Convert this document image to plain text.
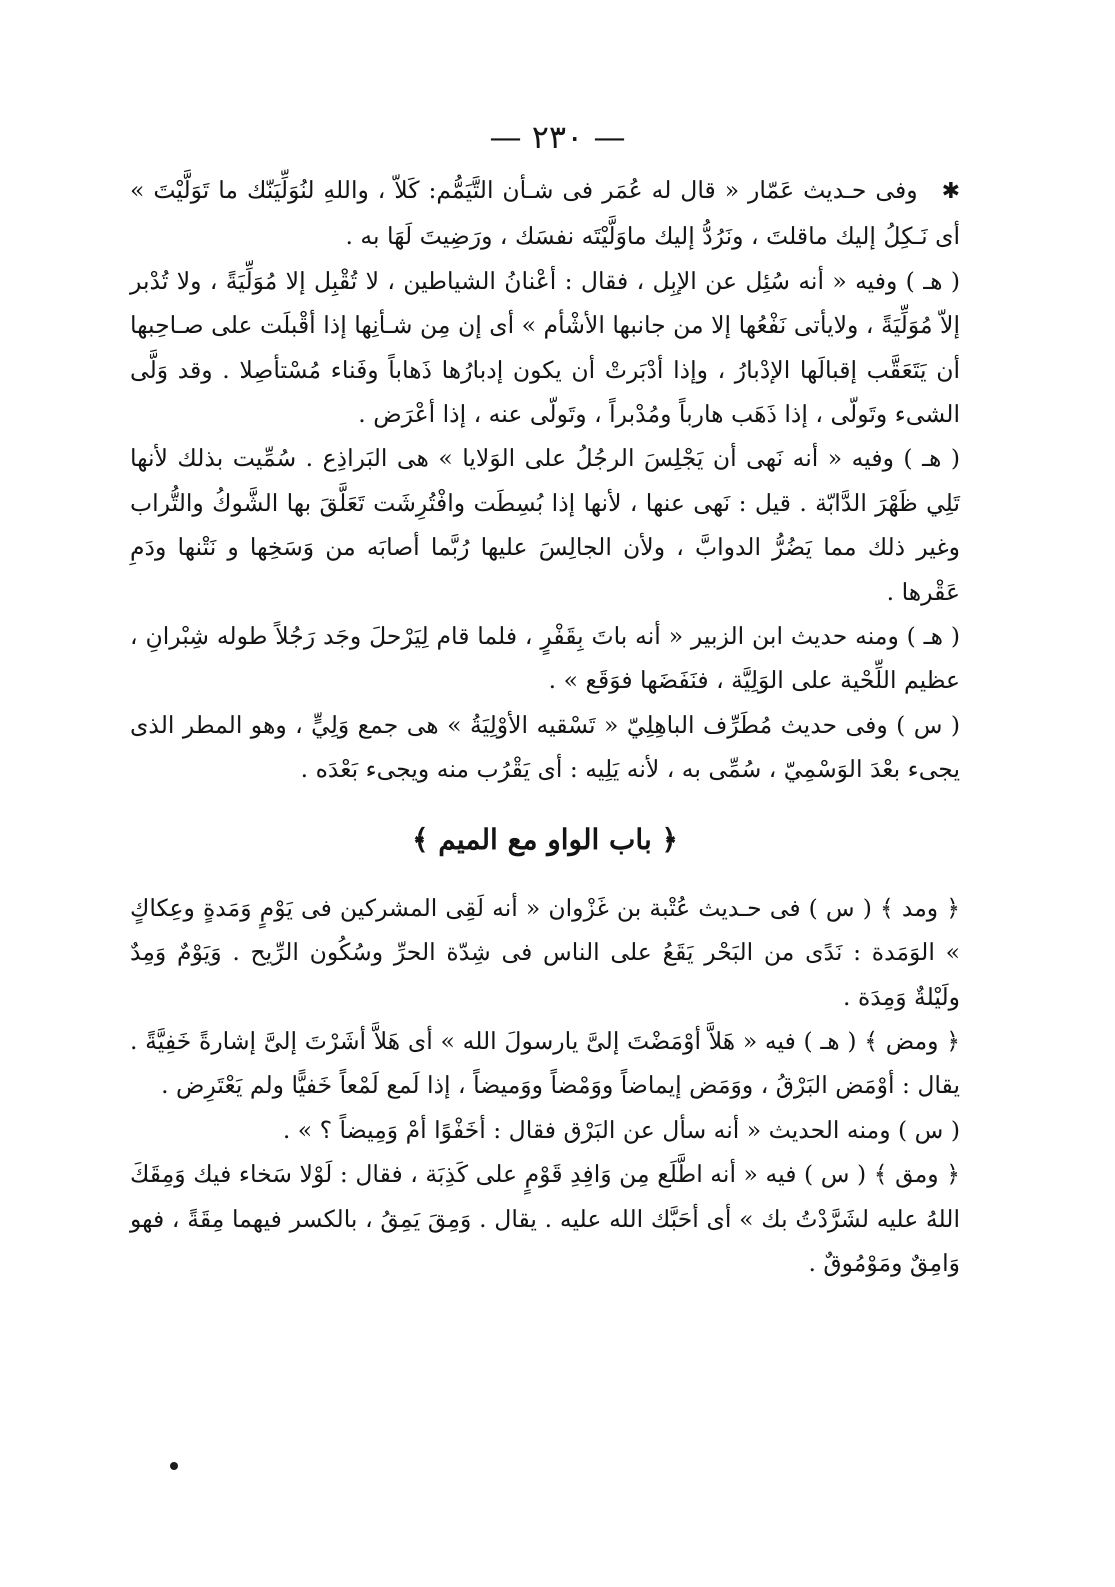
— ٢٣٠ —

✱وفى حـديث عَمّار « قال له عُمَر فى شـأن التَّيَمُّم: كَلاّ ، واللهِ لنُوَلِّيَنّك ما تَوَلَّيْتَ » أى نَـكِلُ إليك ماقلتَ ، ونَرُدُّ إليك ماوَلَّيْتَه نفسَك ، ورَضِيتَ لَهَا به .

( هـ ) وفيه « أنه سُئِل عن الإبِل ، فقال : أعْنانُ الشياطين ، لا تُقْبِل إلا مُوَلِّيَةً ، ولا تُدْبر إلاّ مُوَلِّيَةً ، ولايأتى نَفْعُها إلا من جانبها الأشْأم » أى إن مِن شـأنِها إذا أقْبلَت على صـاحِبها أن يَتَعَقَّب إقبالَها الإدْبارُ ، وإذا أدْبَرتْ أن يكون إدبارُها ذَهاباً وفَناء مُسْتأصِلا . وقد وَلَّى الشىء وتَولّى ، إذا ذَهَب هارباً ومُدْبراً ، وتَولّى عنه ، إذا أعْرَض .

( هـ ) وفيه « أنه نَهى أن يَجْلِسَ الرجُلُ على الوَلايا » هى البَراذِع . سُمِّيت بذلك لأنها تَلِي ظَهْرَ الدَّابّة . قيل : نَهى عنها ، لأنها إذا بُسِطَت وافْتُرِشَت تَعَلَّقَ بها الشَّوكُ والتُّراب وغير ذلك مما يَضُرُّ الدوابَّ ، ولأن الجالِسَ عليها رُبَّما أصابَه من وَسَخِها و نَتْنها ودَمِ عَقْرها .

( هـ ) ومنه حديث ابن الزبير « أنه باتَ بِقَفْرٍ ، فلما قام لِيَرْحلَ وجَد رَجُلاً طوله شِبْرانِ ، عظيم اللِّحْية على الوَلِيَّة ، فنَفَضَها فوَقَع » .

( س ) وفى حديث مُطَرِّف الباهِلِيّ « تَسْقيه الأوْلِيَةُ » هى جمع وَلِيٍّ ، وهو المطر الذى يجىء بعْدَ الوَسْمِيّ ، سُمِّى به ، لأنه يَلِيه : أى يَقْرُب منه ويجىء بَعْدَه .

﴿ باب الواو مع الميم ﴾

﴿ ومد ﴾ ( س ) فى حـديث عُتْبة بن غَزْوان « أنه لَقِى المشركين فى يَوْمٍ وَمَدةٍ وعِكاكٍ » الوَمَدة : نَدًى من البَحْر يَقَعُ على الناس فى شِدّة الحرِّ وسُكُون الرِّيح . وَيَوْمٌ وَمِدٌ ولَيْلةٌ وَمِدَة .

﴿ ومض ﴾ ( هـ ) فيه « هَلاَّ أوْمَضْتَ إلىَّ يارسولَ الله » أى هَلاَّ أشَرْتَ إلىَّ إشارةً خَفِيَّةً . يقال : أوْمَض البَرْقُ ، ووَمَض إيماضاً ووَمْضاً ووَميضاً ، إذا لَمع لَمْعاً خَفيًّا ولم يَعْتَرِض .

( س ) ومنه الحديث « أنه سأل عن البَرْق فقال : أخَفْوًا أمْ وَمِيضاً ؟ » .

﴿ ومق ﴾ ( س ) فيه « أنه اطَّلَع مِن وَافِدِ قَوْمٍ على كَذِبَة ، فقال : لَوْلا سَخاء فيك وَمِقَكَ اللهُ عليه لشَرَّدْتُ بك » أى أحَبَّك الله عليه . يقال . وَمِقَ يَمِقُ ، بالكسر فيهما مِقَةً ، فهو وَامِقٌ ومَوْمُوقٌ .
